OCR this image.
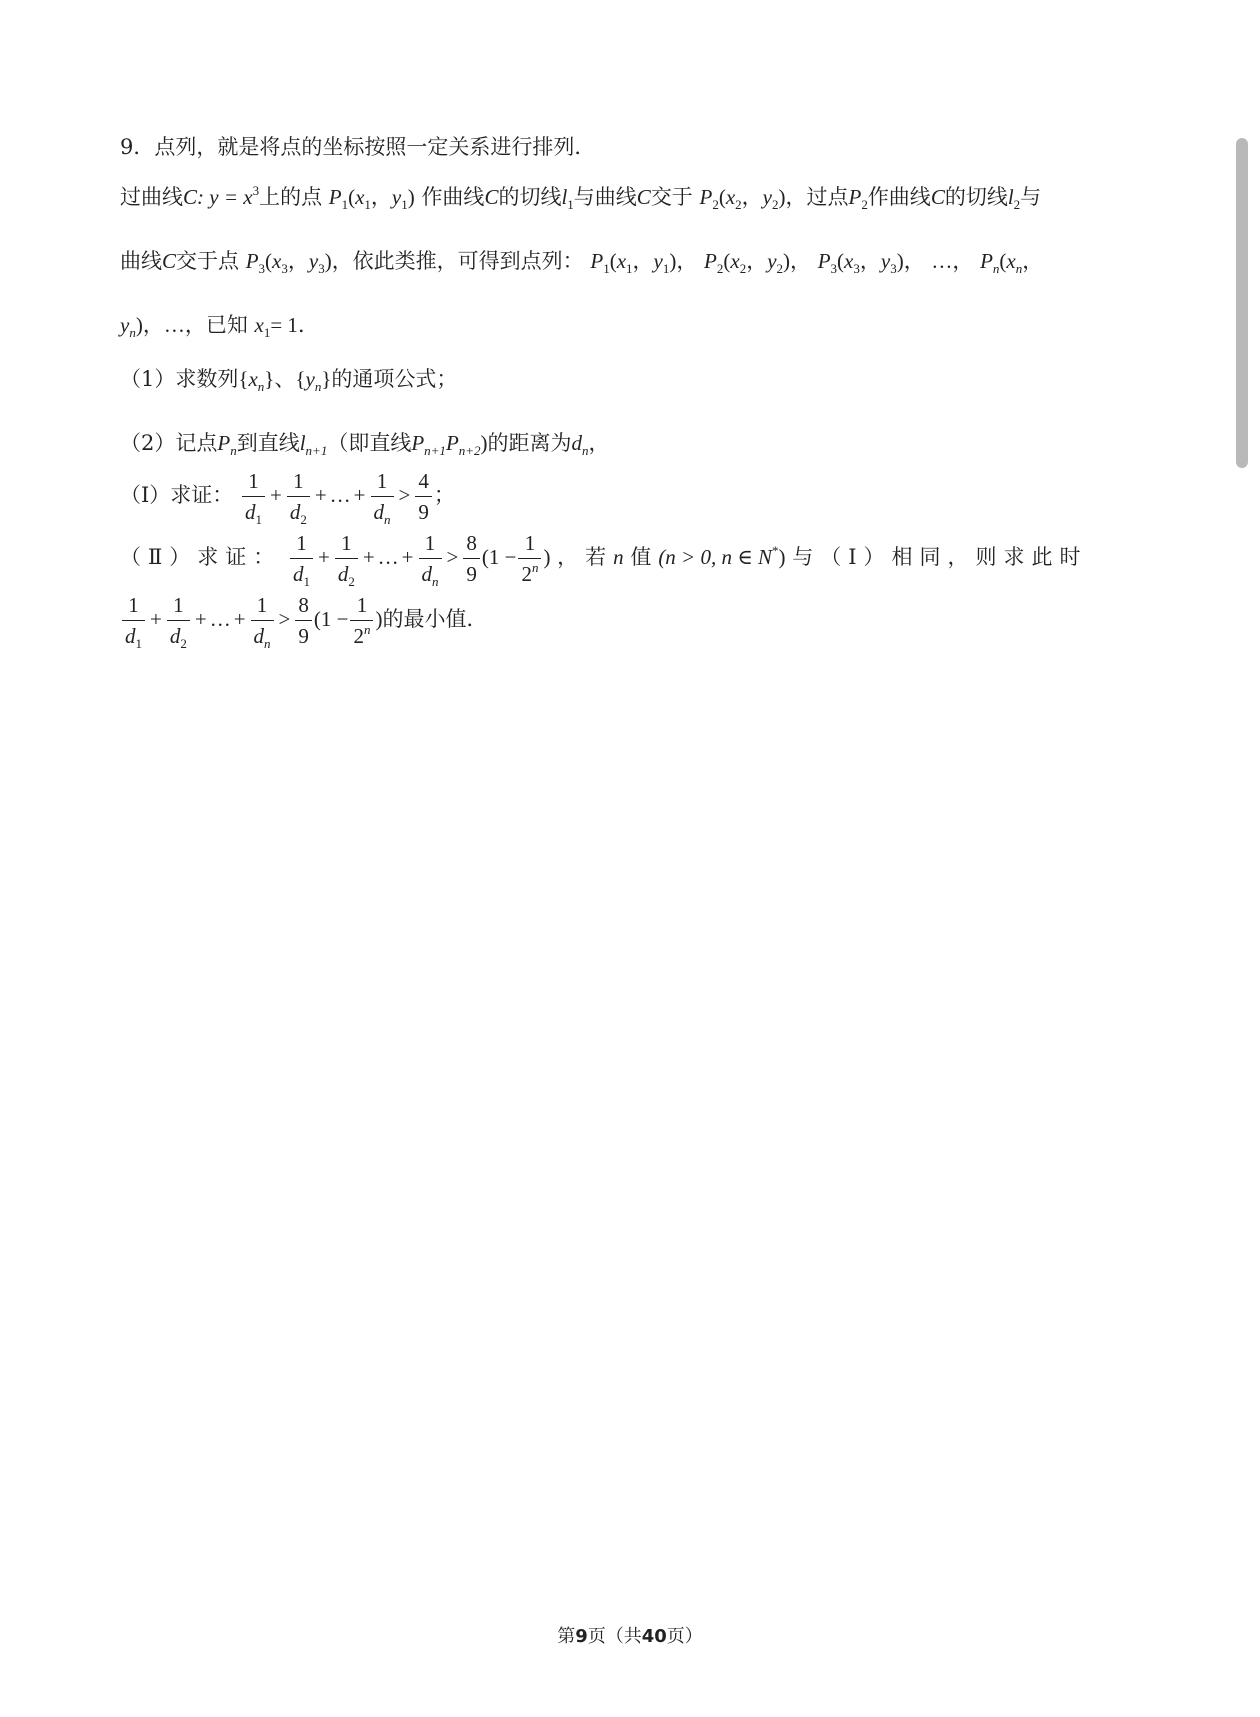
9．点列，就是将点的坐标按照一定关系进行排列．
过曲线C: $y = x^3$上的点 $P_1(x_1$，$y_1$) 作曲线C的切线$l_1$与曲线C交于 $P_2(x_2$，$y_2$)，过点$P_2$作曲线C的切线$l_2$与
曲线C交于点 $P_3(x_3$，$y_3$)，依此类推，可得到点列： $P_1(x_1$，$y_1$)， $P_2(x_2$，$y_2$)， $P_3(x_3$，$y_3$)， …， $P_n(x_n$，
$y_n$)，…，已知 $x_1= 1$．
（1）求数列$\{x_n\}$、$\{y_n\}$的通项公式；
（2）记点$P_n$到直线$l_{n+1}$（即直线$P_{n+1}P_{n+2}$)的距离为$d_n$，
（Ⅰ）求证： $\frac{1}{d_1} + \frac{1}{d_2}$ + … + $\frac{1}{d_n} > \frac{4}{9}$ ；
（Ⅱ）求证： $\frac{1}{d_1} + \frac{1}{d_2}$ + … + $\frac{1}{d_n} > \frac{8}{9} (1 - \frac{1}{2^n}$ ) ，若n 值(n > 0, n ∈ N*) 与（Ⅰ）相同，则求此时
$\frac{1}{d_1} + \frac{1}{d_2}$ + … + $\frac{1}{d_n} > \frac{8}{9} (1 - \frac{1}{2^n}$ )的最小值．
第9页（共40页）
